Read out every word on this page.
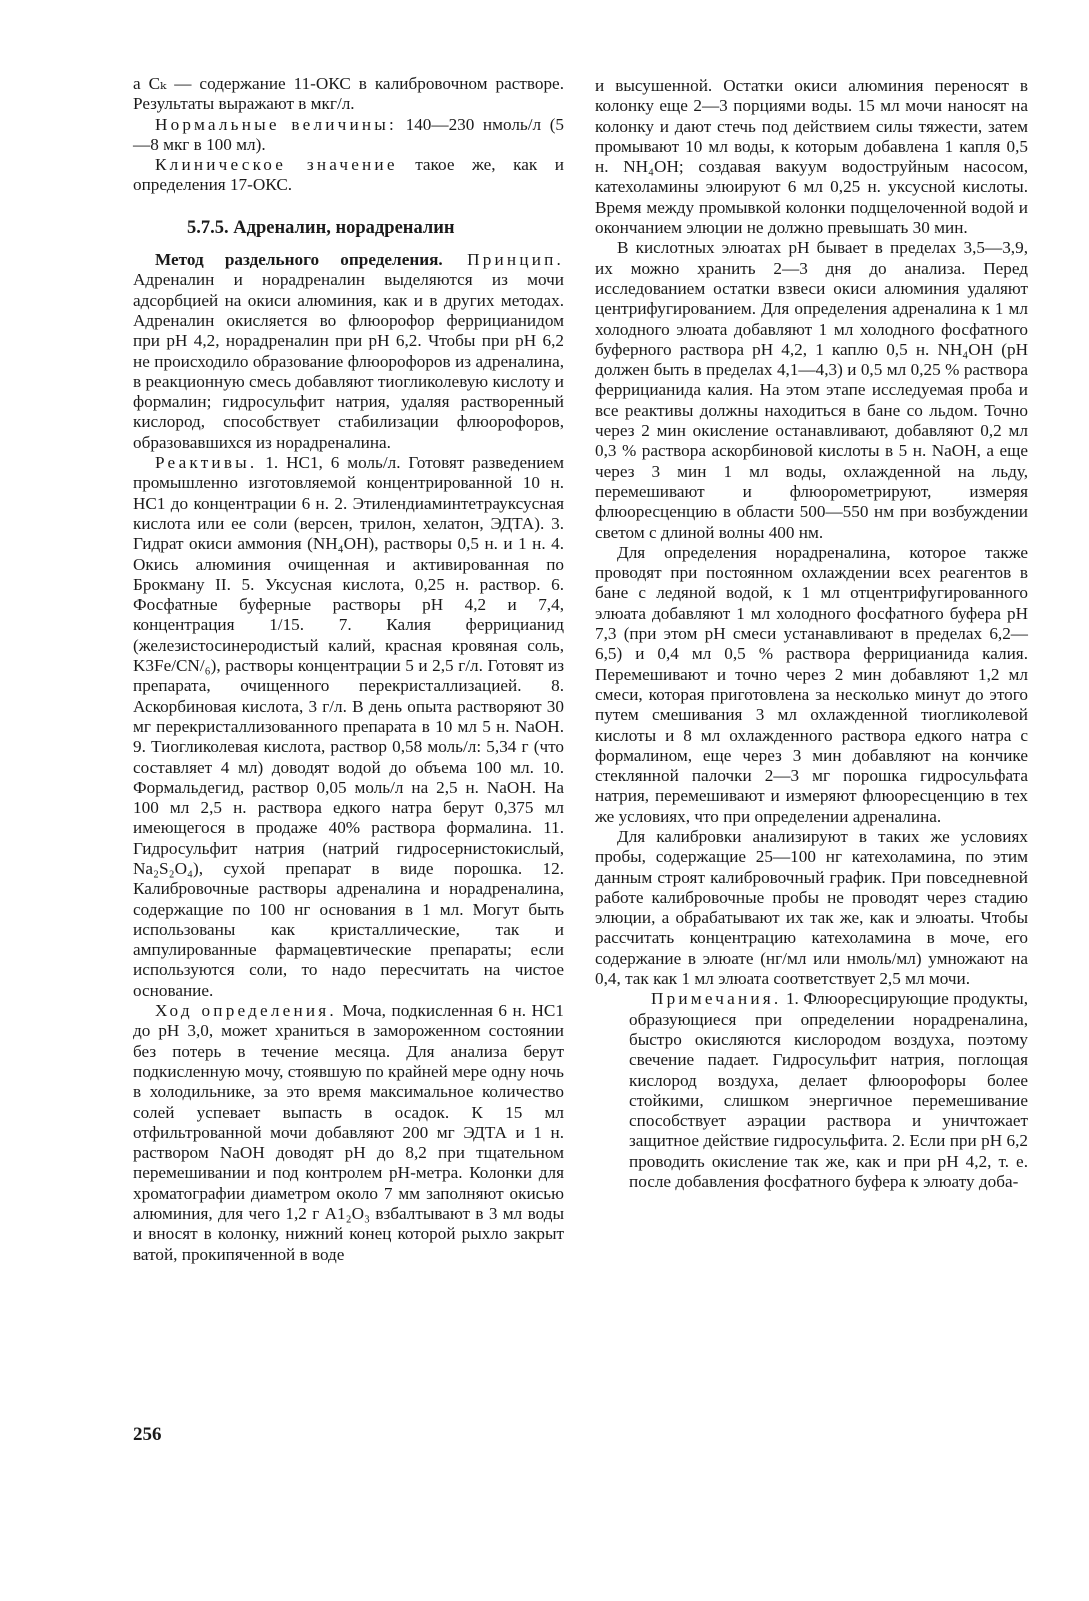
а Сₖ — содержание 11-ОКС в калибровочном растворе. Результаты выражают в мкг/л.

Нормальные величины: 140—230 нмоль/л (5—8 мкг в 100 мл).

Клиническое значение такое же, как и определения 17-ОКС.

5.7.5. Адреналин, норадреналин

Метод раздельного определения. Принцип. Адреналин и норадреналин выделяются из мочи адсорбцией на окиси алюминия, как и в других методах. Адреналин окисляется во флюорофор феррицианидом при рН 4,2, норадреналин при рН 6,2. Чтобы при рН 6,2 не происходило образование флюорофоров из адреналина, в реакционную смесь добавляют тиогликолевую кислоту и формалин; гидросульфит натрия, удаляя растворенный кислород, способствует стабилизации флюорофоров, образовавшихся из норадреналина.

Реактивы. 1. НС1, 6 моль/л. Готовят разведением промышленно изготовляемой концентрированной 10 н. НС1 до концентрации 6 н. 2. Этилендиаминтетрауксусная кислота или ее соли (версен, трилон, хелатон, ЭДТА). 3. Гидрат окиси аммония (NH₄OH), растворы 0,5 н. и 1 н. 4. Окись алюминия очищенная и активированная по Брокману II. 5. Уксусная кислота, 0,25 н. раствор. 6. Фосфатные буферные растворы рН 4,2 и 7,4, концентрация 1/15. 7. Калия феррицианид (железистосинеродистый калий, красная кровяная соль, K3Fe/CN/₆), растворы концентрации 5 и 2,5 г/л. Готовят из препарата, очищенного перекристаллизацией. 8. Аскорбиновая кислота, 3 г/л. В день опыта растворяют 30 мг перекристаллизованного препарата в 10 мл 5 н. NaOH. 9. Тиогликолевая кислота, раствор 0,58 моль/л: 5,34 г (что составляет 4 мл) доводят водой до объема 100 мл. 10. Формальдегид, раствор 0,05 моль/л на 2,5 н. NaOH. На 100 мл 2,5 н. раствора едкого натра берут 0,375 мл имеющегося в продаже 40% раствора формалина. 11. Гидросульфит натрия (натрий гидросернистокислый, Na₂S₂O₄), сухой препарат в виде порошка. 12. Калибровочные растворы адреналина и норадреналина, содержащие по 100 нг основания в 1 мл. Могут быть использованы как кристаллические, так и ампулированные фармацевтические препараты; если используются соли, то надо пересчитать на чистое основание.

Ход определения. Моча, подкисленная 6 н. НС1 до рН 3,0, может храниться в замороженном состоянии без потерь в течение месяца. Для анализа берут подкисленную мочу, стоявшую по крайней мере одну ночь в холодильнике, за это время максимальное количество солей успевает выпасть в осадок. К 15 мл отфильтрованной мочи добавляют 200 мг ЭДТА и 1 н. раствором NaOH доводят рН до 8,2 при тщательном перемешивании и под контролем рН-метра. Колонки для хроматографии диаметром около 7 мм заполняют окисью алюминия, для чего 1,2 г А1₂O₃ взбалтывают в 3 мл воды и вносят в колонку, нижний конец которой рыхло закрыт ватой, прокипяченной в воде

и высушенной. Остатки окиси алюминия переносят в колонку еще 2—3 порциями воды. 15 мл мочи наносят на колонку и дают стечь под действием силы тяжести, затем промывают 10 мл воды, к которым добавлена 1 капля 0,5 н. NH₄OH; создавая вакуум водоструйным насосом, катехоламины элюируют 6 мл 0,25 н. уксусной кислоты. Время между промывкой колонки подщелоченной водой и окончанием элюции не должно превышать 30 мин.

В кислотных элюатах рН бывает в пределах 3,5—3,9, их можно хранить 2—3 дня до анализа. Перед исследованием остатки взвеси окиси алюминия удаляют центрифугированием. Для определения адреналина к 1 мл холодного элюата добавляют 1 мл холодного фосфатного буферного раствора рН 4,2, 1 каплю 0,5 н. NH₄OH (рН должен быть в пределах 4,1—4,3) и 0,5 мл 0,25 % раствора феррицианида калия. На этом этапе исследуемая проба и все реактивы должны находиться в бане со льдом. Точно через 2 мин окисление останавливают, добавляют 0,2 мл 0,3 % раствора аскорбиновой кислоты в 5 н. NaOH, а еще через 3 мин 1 мл воды, охлажденной на льду, перемешивают и флюорометрируют, измеряя флюоресценцию в области 500—550 нм при возбуждении светом с длиной волны 400 нм.

Для определения норадреналина, которое также проводят при постоянном охлаждении всех реагентов в бане с ледяной водой, к 1 мл отцентрифугированного элюата добавляют 1 мл холодного фосфатного буфера рН 7,3 (при этом рН смеси устанавливают в пределах 6,2—6,5) и 0,4 мл 0,5 % раствора феррицианида калия. Перемешивают и точно через 2 мин добавляют 1,2 мл смеси, которая приготовлена за несколько минут до этого путем смешивания 3 мл охлажденной тиогликолевой кислоты и 8 мл охлажденного раствора едкого натра с формалином, еще через 3 мин добавляют на кончике стеклянной палочки 2—3 мг порошка гидросульфата натрия, перемешивают и измеряют флюоресценцию в тех же условиях, что при определении адреналина.

Для калибровки анализируют в таких же условиях пробы, содержащие 25—100 нг катехоламина, по этим данным строят калибровочный график. При повседневной работе калибровочные пробы не проводят через стадию элюции, а обрабатывают их так же, как и элюаты. Чтобы рассчитать концентрацию катехоламина в моче, его содержание в элюате (нг/мл или нмоль/мл) умножают на 0,4, так как 1 мл элюата соответствует 2,5 мл мочи.

Примечания. 1. Флюоресцирующие продукты, образующиеся при определении норадреналина, быстро окисляются кислородом воздуха, поэтому свечение падает. Гидросульфит натрия, поглощая кислород воздуха, делает флюорофоры более стойкими, слишком энергичное перемешивание способствует аэрации раствора и уничтожает защитное действие гидросульфита. 2. Если при рН 6,2 проводить окисление так же, как и при рН 4,2, т. е. после добавления фосфатного буфера к элюату доба-

256
